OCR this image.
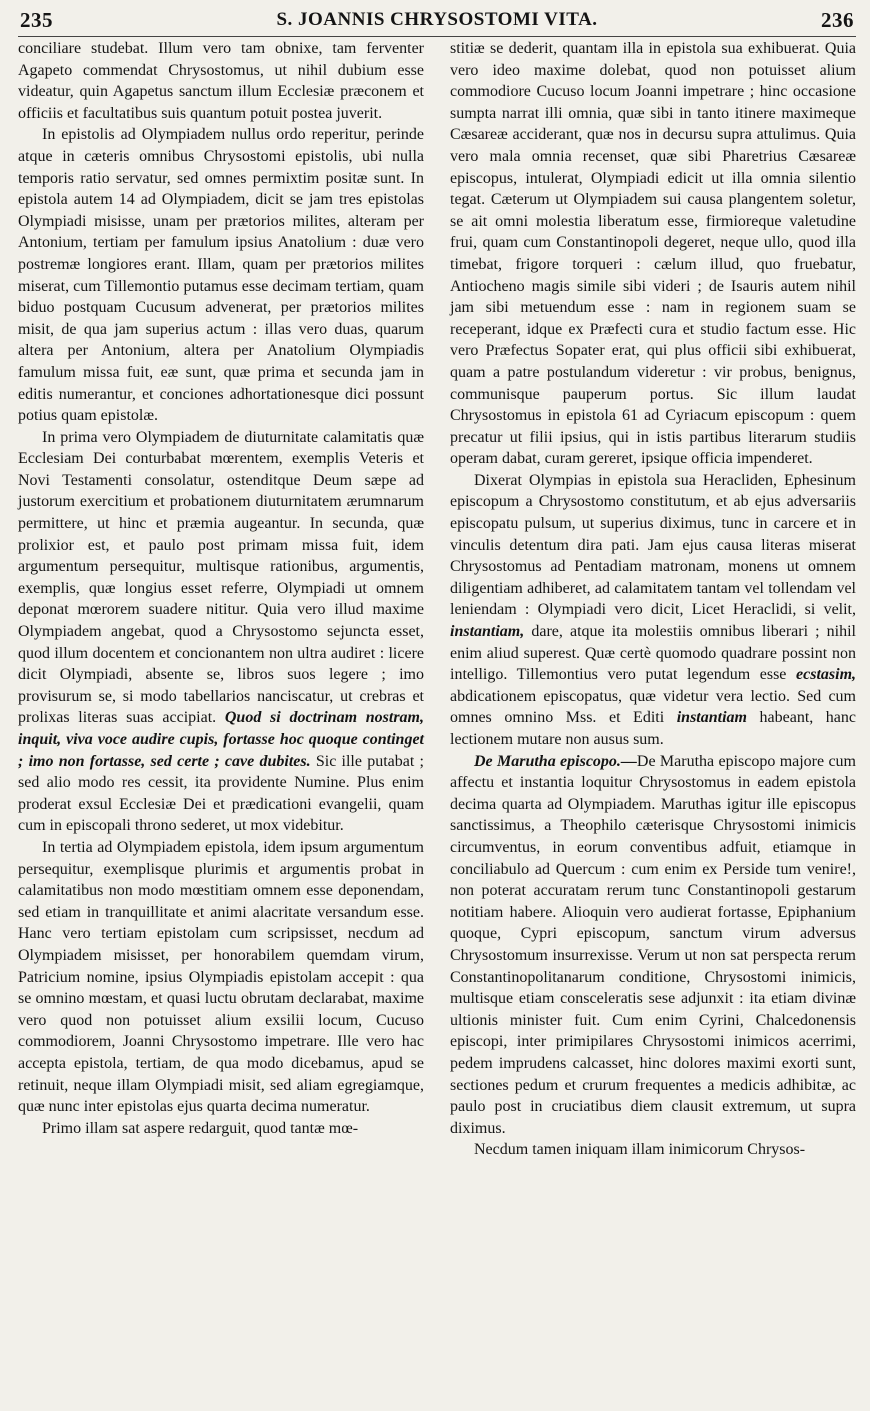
235	S. JOANNIS CHRYSOSTOMI VITA.	236

conciliare studebat. Illum vero tam obnixe, tam ferventer Agapeto commendat Chrysostomus, ut nihil dubium esse videatur, quin Agapetus sanctum illum Ecclesiæ præconem et officiis et facultatibus suis quantum potuit postea juverit.

In epistolis ad Olympiadem nullus ordo reperitur, perinde atque in cæteris omnibus Chrysostomi epistolis, ubi nulla temporis ratio servatur, sed omnes permixtim positæ sunt. In epistola autem 14 ad Olympiadem, dicit se jam tres epistolas Olympiadi misisse, unam per prætorios milites, alteram per Antonium, tertiam per famulum ipsius Anatolium : duæ vero postremæ longiores erant. Illam, quam per prætorios milites miserat, cum Tillemontio putamus esse decimam tertiam, quam biduo postquam Cucusum advenerat, per prætorios milites misit, de qua jam superius actum : illas vero duas, quarum altera per Antonium, altera per Anatolium Olympiadis famulum missa fuit, eæ sunt, quæ prima et secunda jam in editis numerantur, et conciones adhortationesque dici possunt potius quam epistolæ.

In prima vero Olympiadem de diuturnitate calamitatis quæ Ecclesiam Dei conturbabat mœrentem, exemplis Veteris et Novi Testamenti consolatur, ostenditque Deum sæpe ad justorum exercitium et probationem diuturnitatem ærumnarum permittere, ut hinc et præmia augeantur. In secunda, quæ prolixior est, et paulo post primam missa fuit, idem argumentum persequitur, multisque rationibus, argumentis, exemplis, quæ longius esset referre, Olympiadi ut omnem deponat mœrorem suadere nititur. Quia vero illud maxime Olympiadem angebat, quod a Chrysostomo sejuncta esset, quod illum docentem et concionantem non ultra audiret : licere dicit Olympiadi, absente se, libros suos legere ; imo provisurum se, si modo tabellarios nanciscatur, ut crebras et prolixas literas suas accipiat. Quod si doctrinam nostram, inquit, viva voce audire cupis, fortasse hoc quoque continget ; imo non fortasse, sed certe ; cave dubites. Sic ille putabat ; sed alio modo res cessit, ita providente Numine. Plus enim proderat exsul Ecclesiæ Dei et prædicationi evangelii, quam cum in episcopali throno sederet, ut mox videbitur.

In tertia ad Olympiadem epistola, idem ipsum argumentum persequitur, exemplisque plurimis et argumentis probat in calamitatibus non modo mœstitiam omnem esse deponendam, sed etiam in tranquillitate et animi alacritate versandum esse. Hanc vero tertiam epistolam cum scripsisset, necdum ad Olympiadem misisset, per honorabilem quemdam virum, Patricium nomine, ipsius Olympiadis epistolam accepit : qua se omnino mœstam, et quasi luctu obrutam declarabat, maxime vero quod non potuisset alium exsilii locum, Cucuso commodiorem, Joanni Chrysostomo impetrare. Ille vero hac accepta epistola, tertiam, de qua modo dicebamus, apud se retinuit, neque illam Olympiadi misit, sed aliam egregiamque, quæ nunc inter epistolas ejus quarta decima numeratur.

Primo illam sat aspere redarguit, quod tantæ mœ-

stitiæ se dederit, quantam illa in epistola sua exhibuerat. Quia vero ideo maxime dolebat, quod non potuisset alium commodiore Cucuso locum Joanni impetrare ; hinc occasione sumpta narrat illi omnia, quæ sibi in tanto itinere maximeque Cæsareæ acciderant, quæ nos in decursu supra attulimus. Quia vero mala omnia recenset, quæ sibi Pharetrius Cæsareæ episcopus, intulerat, Olympiadi edicit ut illa omnia silentio tegat. Cæterum ut Olympiadem sui causa plangentem soletur, se ait omni molestia liberatum esse, firmioreque valetudine frui, quam cum Constantinopoli degeret, neque ullo, quod illa timebat, frigore torqueri : cælum illud, quo fruebatur, Antiocheno magis simile sibi videri ; de Isauris autem nihil jam sibi metuendum esse : nam in regionem suam se receperant, idque ex Præfecti cura et studio factum esse. Hic vero Præfectus Sopater erat, qui plus officii sibi exhibuerat, quam a patre postulandum videretur : vir probus, benignus, communisque pauperum portus. Sic illum laudat Chrysostomus in epistola 61 ad Cyriacum episcopum : quem precatur ut filii ipsius, qui in istis partibus literarum studiis operam dabat, curam gereret, ipsique officia impenderet.

Dixerat Olympias in epistola sua Heracliden, Ephesinum episcopum a Chrysostomo constitutum, et ab ejus adversariis episcopatu pulsum, ut superius diximus, tunc in carcere et in vinculis detentum dira pati. Jam ejus causa literas miserat Chrysostomus ad Pentadiam matronam, monens ut omnem diligentiam adhiberet, ad calamitatem tantam vel tollendam vel leniendam : Olympiadi vero dicit, Licet Heraclidi, si velit, instantiam, dare, atque ita molestiis omnibus liberari ; nihil enim aliud superest. Quæ certè quomodo quadrare possint non intelligo. Tillemontius vero putat legendum esse ecstasim, abdicationem episcopatus, quæ videtur vera lectio. Sed cum omnes omnino Mss. et Editi instantiam habeant, hanc lectionem mutare non ausus sum.

De Marutha episcopo.—De Marutha episcopo majore cum affectu et instantia loquitur Chrysostomus in eadem epistola decima quarta ad Olympiadem. Maruthas igitur ille episcopus sanctissimus, a Theophilo cæterisque Chrysostomi inimicis circumventus, in eorum conventibus adfuit, etiamque in conciliabulo ad Quercum : cum enim ex Perside tum venire!, non poterat accuratam rerum tunc Constantinopoli gestarum notitiam habere. Alioquin vero audierat fortasse, Epiphanium quoque, Cypri episcopum, sanctum virum adversus Chrysostomum insurrexisse. Verum ut non sat perspecta rerum Constantinopolitanarum conditione, Chrysostomi inimicis, multisque etiam consceleratis sese adjunxit : ita etiam divinæ ultionis minister fuit. Cum enim Cyrini, Chalcedonensis episcopi, inter primipilares Chrysostomi inimicos acerrimi, pedem imprudens calcasset, hinc dolores maximi exorti sunt, sectiones pedum et crurum frequentes a medicis adhibitæ, ac paulo post in cruciatibus diem clausit extremum, ut supra diximus.

Necdum tamen iniquam illam inimicorum Chrysos-
